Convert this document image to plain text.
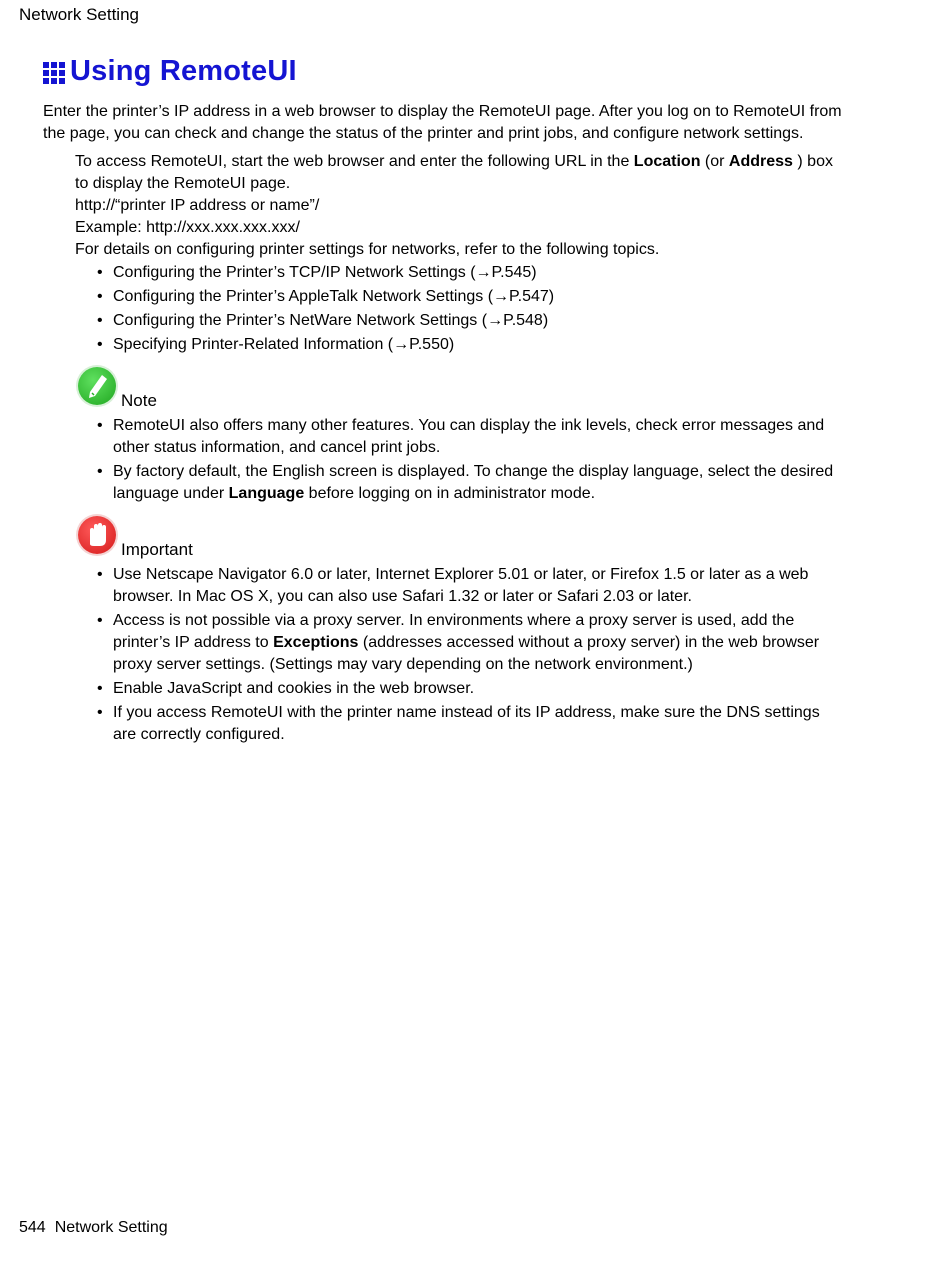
Network Setting
Using RemoteUI
Enter the printer’s IP address in a web browser to display the RemoteUI page. After you log on to RemoteUI from the page, you can check and change the status of the printer and print jobs, and configure network settings.

To access RemoteUI, start the web browser and enter the following URL in the Location (or Address ) box to display the RemoteUI page.

http://“printer IP address or name”/

Example: http://xxx.xxx.xxx.xxx/

For details on configuring printer settings for networks, refer to the following topics.

• Configuring the Printer’s TCP/IP Network Settings (→P.545)
• Configuring the Printer’s AppleTalk Network Settings (→P.547)
• Configuring the Printer’s NetWare Network Settings (→P.548)
• Specifying Printer-Related Information (→P.550)
Note
• RemoteUI also offers many other features. You can display the ink levels, check error messages and other status information, and cancel print jobs.
• By factory default, the English screen is displayed. To change the display language, select the desired language under Language before logging on in administrator mode.
Important
• Use Netscape Navigator 6.0 or later, Internet Explorer 5.01 or later, or Firefox 1.5 or later as a web browser. In Mac OS X, you can also use Safari 1.32 or later or Safari 2.03 or later.
• Access is not possible via a proxy server. In environments where a proxy server is used, add the printer’s IP address to Exceptions (addresses accessed without a proxy server) in the web browser proxy server settings. (Settings may vary depending on the network environment.)
• Enable JavaScript and cookies in the web browser.
• If you access RemoteUI with the printer name instead of its IP address, make sure the DNS settings are correctly configured.
544 Network Setting
